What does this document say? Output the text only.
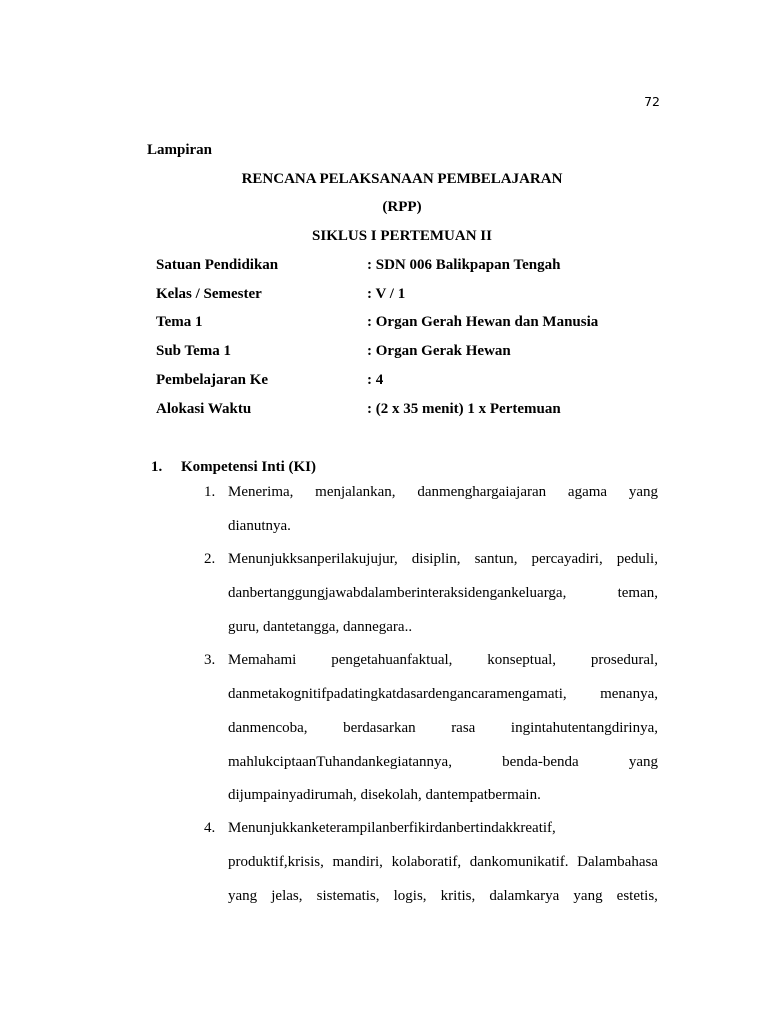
72
Lampiran
RENCANA PELAKSANAAN PEMBELAJARAN
(RPP)
SIKLUS I PERTEMUAN II
Satuan Pendidikan	: SDN 006 Balikpapan Tengah
Kelas / Semester	: V / 1
Tema 1	: Organ Gerah Hewan dan Manusia
Sub Tema 1	: Organ Gerak Hewan
Pembelajaran Ke	: 4
Alokasi Waktu	: (2 x 35 menit) 1 x Pertemuan
1. Kompetensi Inti (KI)
1. Menerima, menjalankan, danmenghargaiajaran agama yang
dianutnya.
2. Menunjukksanperilakujujur, disiplin, santun, percayadiri, peduli,
danbertanggungjawabdalamberinteraksidengankeluarga,	teman,
guru, dantetangga, dannegara..
3. Memahami pengetahuanfaktual, konseptual, prosedural,
danmetakognitifpadatingkatdasardengancaramengamati, menanya,
danmencoba, berdasarkan rasa ingintahutentangdirinya,
mahlukciptaanTuhandankegiatannya,	benda-benda	yang
dijumpainyadirumah, disekolah, dantempatbermain.
4. Menunjukkanketerampilanberfikirdanbertindakkreatif,
produktif,krisis, mandiri, kolaboratif, dankomunikatif. Dalambahasa
yang jelas, sistematis, logis, kritis, dalamkarya yang estetis,
